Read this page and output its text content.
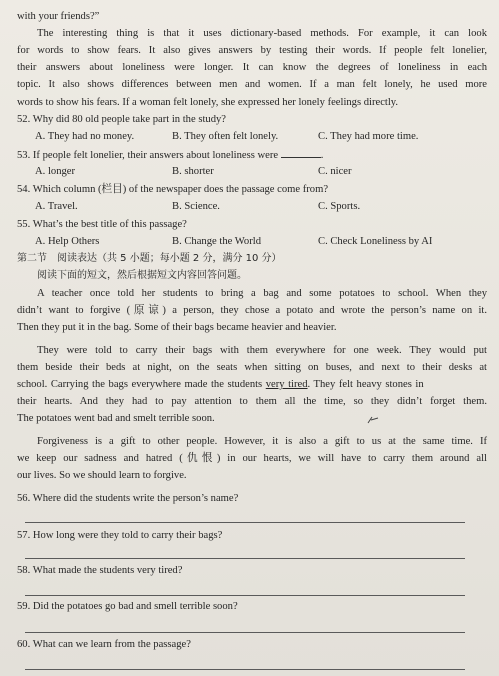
with your friends?”
The interesting thing is that it uses dictionary-based methods. For example, it can look
for words to show fears. It also gives answers by testing their words. If people felt lonelier,
their answers about loneliness were longer. It can know the degrees of loneliness in each
topic. It also shows differences between men and women. If a man felt lonely, he used more
words to show his fears. If a woman felt lonely, she expressed her lonely feelings directly.
52. Why did 80 old people take part in the study?
A. They had no money.	B. They often felt lonely.	C. They had more time.
53. If people felt lonelier, their answers about loneliness were	.
A. longer	B. shorter	C. nicer
54. Which column (栏目) of the newspaper does the passage come from?
A. Travel.	B. Science.	C. Sports.
55. What’s the best title of this passage?
A. Help Others	B. Change the World	C. Check Loneliness by AI
第二节　阅读表达（共 5 小题；每小题 2 分，满分 10 分）
阅读下面的短文，然后根据短文内容回答问题。
A teacher once told her students to bring a bag and some potatoes to school. When they
didn’t want to forgive (原谅) a person, they chose a potato and wrote the person’s name on it.
Then they put it in the bag. Some of their bags became heavier and heavier.
They were told to carry their bags with them everywhere for one week. They would put
them beside their beds at night, on the seats when sitting on buses, and next to their desks at
school. Carrying the bags everywhere made the students very tired. They felt heavy stones in
their hearts. And they had to pay attention to them all the time, so they didn’t forget them.
The potatoes went bad and smelt terrible soon.
Forgiveness is a gift to other people. However, it is also a gift to us at the same time. If
we keep our sadness and hatred (仇恨) in our hearts, we will have to carry them around all
our lives. So we should learn to forgive.
56. Where did the students write the person’s name?
57. How long were they told to carry their bags?
58. What made the students very tired?
59. Did the potatoes go bad and smell terrible soon?
60. What can we learn from the passage?
